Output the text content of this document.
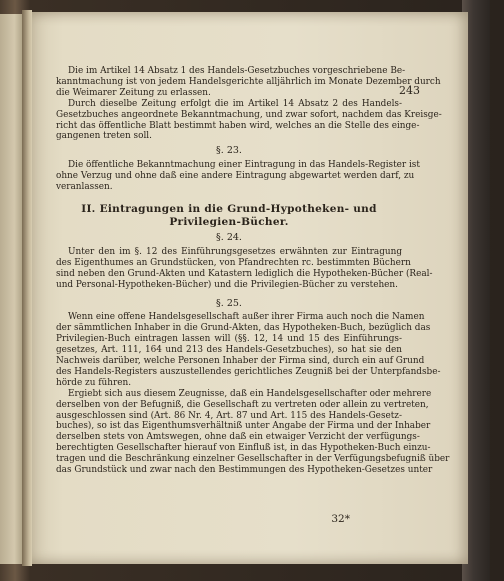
243
Die im Artikel 14 Absatz 1 des Handels-Gesetzbuches vorgeschriebene Be-
kanntmachung ist von jedem Handelsgerichte alljährlich im Monate Dezember durch
die Weimarer Zeitung zu erlassen.
Durch dieselbe Zeitung erfolgt die im Artikel 14 Absatz 2 des Handels-
Gesetzbuches angeordnete Bekanntmachung, und zwar sofort, nachdem das Kreisge-
richt das öffentliche Blatt bestimmt haben wird, welches an die Stelle des einge-
gangenen treten soll.
§. 23.
Die öffentliche Bekanntmachung einer Eintragung in das Handels-Register ist
ohne Verzug und ohne daß eine andere Eintragung abgewartet werden darf, zu
veranlassen.
II. Eintragungen in die Grund-Hypotheken- und
Privilegien-Bücher.
§. 24.
Unter den im §. 12 des Einführungsgesetzes erwähnten zur Eintragung
des Eigenthumes an Grundstücken, von Pfandrechten rc. bestimmten Büchern
sind neben den Grund-Akten und Katastern lediglich die Hypotheken-Bücher (Real-
und Personal-Hypotheken-Bücher) und die Privilegien-Bücher zu verstehen.
§. 25.
Wenn eine offene Handelsgesellschaft außer ihrer Firma auch noch die Namen
der sämmtlichen Inhaber in die Grund-Akten, das Hypotheken-Buch, bezüglich das
Privilegien-Buch eintragen lassen will (§§. 12, 14 und 15 des Einführungs-
gesetzes, Art. 111, 164 und 213 des Handels-Gesetzbuches), so hat sie den
Nachweis darüber, welche Personen Inhaber der Firma sind, durch ein auf Grund
des Handels-Registers auszustellendes gerichtliches Zeugniß bei der Unterpfandsbe-
hörde zu führen.
Ergiebt sich aus diesem Zeugnisse, daß ein Handelsgesellschafter oder mehrere
derselben von der Befugniß, die Gesellschaft zu vertreten oder allein zu vertreten,
ausgeschlossen sind (Art. 86 Nr. 4, Art. 87 und Art. 115 des Handels-Gesetz-
buches), so ist das Eigenthumsverhältniß unter Angabe der Firma und der Inhaber
derselben stets von Amtswegen, ohne daß ein etwaiger Verzicht der verfügungs-
berechtigten Gesellschafter hierauf von Einfluß ist, in das Hypotheken-Buch einzu-
tragen und die Beschränkung einzelner Gesellschafter in der Verfügungsbefugniß über
das Grundstück und zwar nach den Bestimmungen des Hypotheken-Gesetzes unter
32*
